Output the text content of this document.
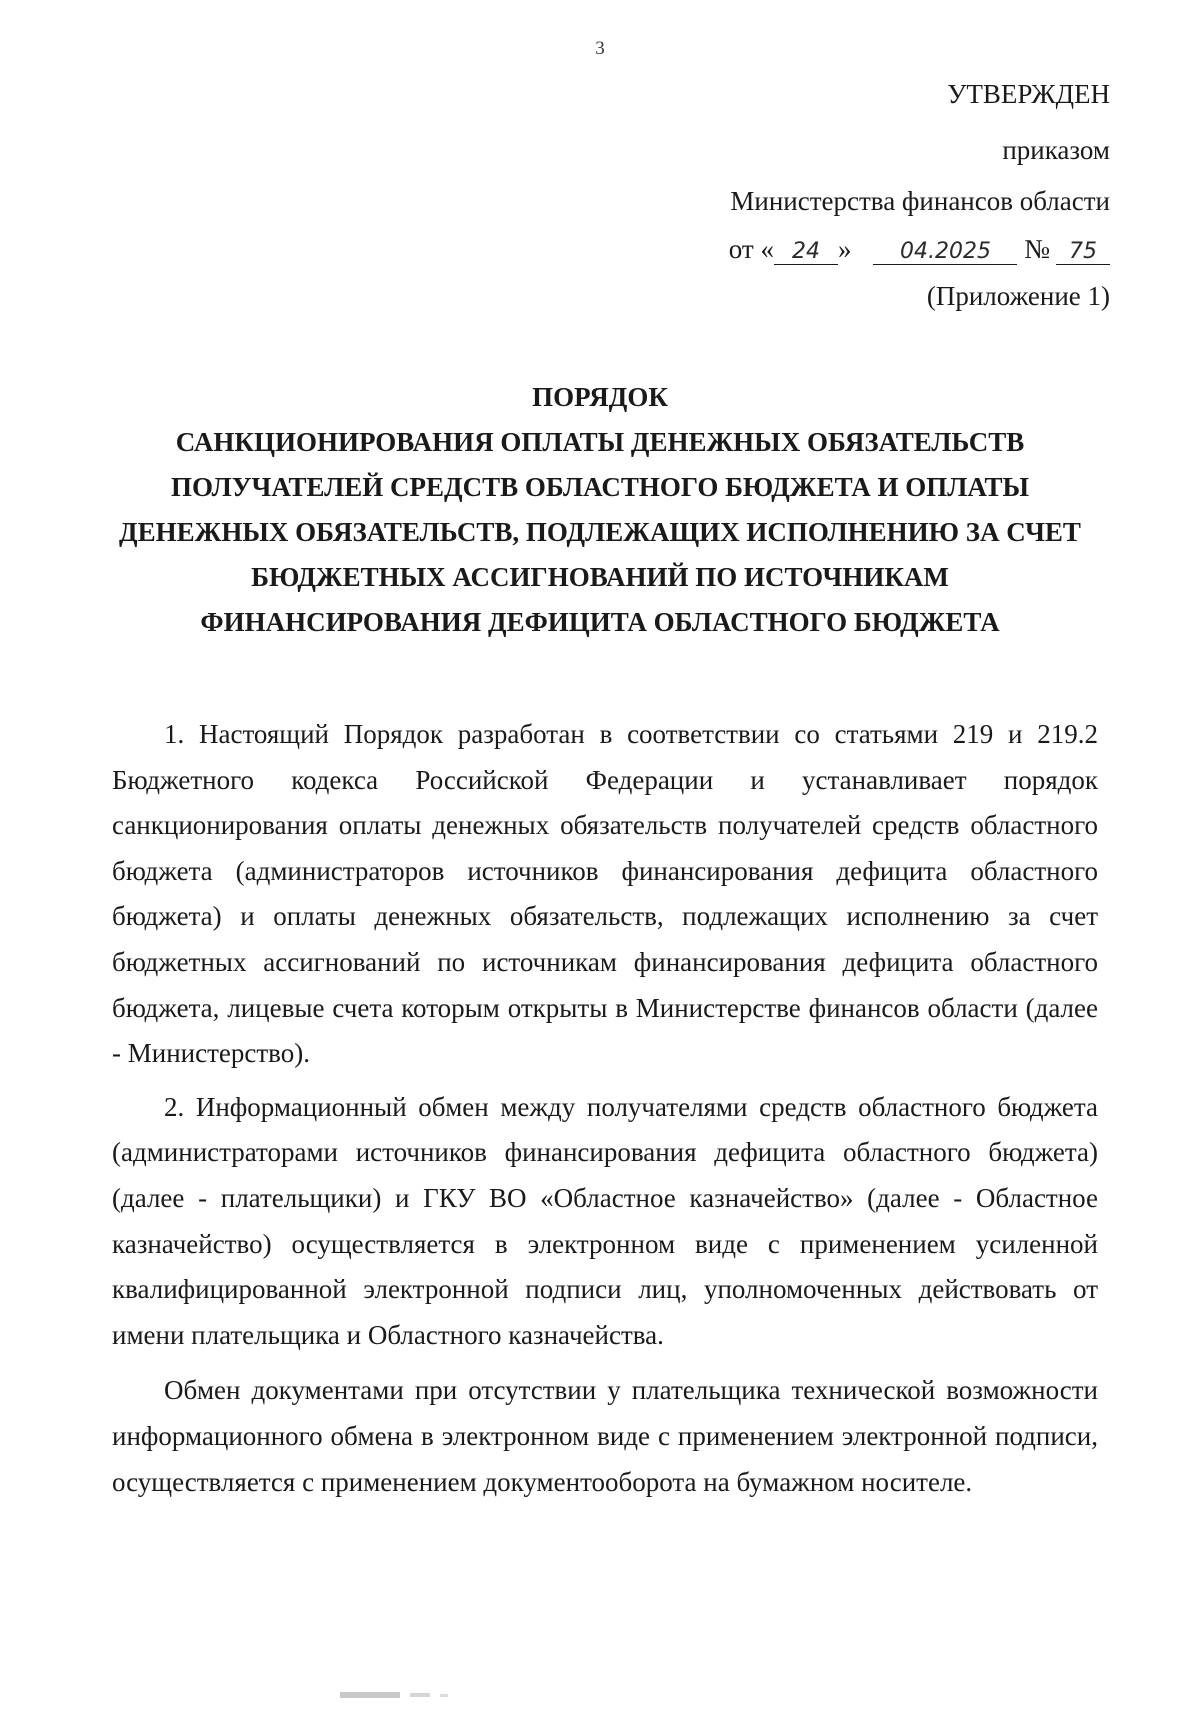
3
УТВЕРЖДЕН
приказом
Министерства финансов области
от « 24 » 04.2025 № 75
(Приложение 1)
ПОРЯДОК
САНКЦИОНИРОВАНИЯ ОПЛАТЫ ДЕНЕЖНЫХ ОБЯЗАТЕЛЬСТВ
ПОЛУЧАТЕЛЕЙ СРЕДСТВ ОБЛАСТНОГО БЮДЖЕТА И ОПЛАТЫ
ДЕНЕЖНЫХ ОБЯЗАТЕЛЬСТВ, ПОДЛЕЖАЩИХ ИСПОЛНЕНИЮ ЗА СЧЕТ
БЮДЖЕТНЫХ АССИГНОВАНИЙ ПО ИСТОЧНИКАМ
ФИНАНСИРОВАНИЯ ДЕФИЦИТА ОБЛАСТНОГО БЮДЖЕТА

1. Настоящий Порядок разработан в соответствии со статьями 219 и 219.2 Бюджетного кодекса Российской Федерации и устанавливает порядок санкционирования оплаты денежных обязательств получателей средств областного бюджета (администраторов источников финансирования дефицита областного бюджета) и оплаты денежных обязательств, подлежащих исполнению за счет бюджетных ассигнований по источникам финансирования дефицита областного бюджета, лицевые счета которым открыты в Министерстве финансов области (далее - Министерство).

2. Информационный обмен между получателями средств областного бюджета (администраторами источников финансирования дефицита областного бюджета) (далее - плательщики) и ГКУ ВО «Областное казначейство» (далее - Областное казначейство) осуществляется в электронном виде с применением усиленной квалифицированной электронной подписи лиц, уполномоченных действовать от имени плательщика и Областного казначейства.

Обмен документами при отсутствии у плательщика технической возможности информационного обмена в электронном виде с применением электронной подписи, осуществляется с применением документооборота на бумажном носителе.
